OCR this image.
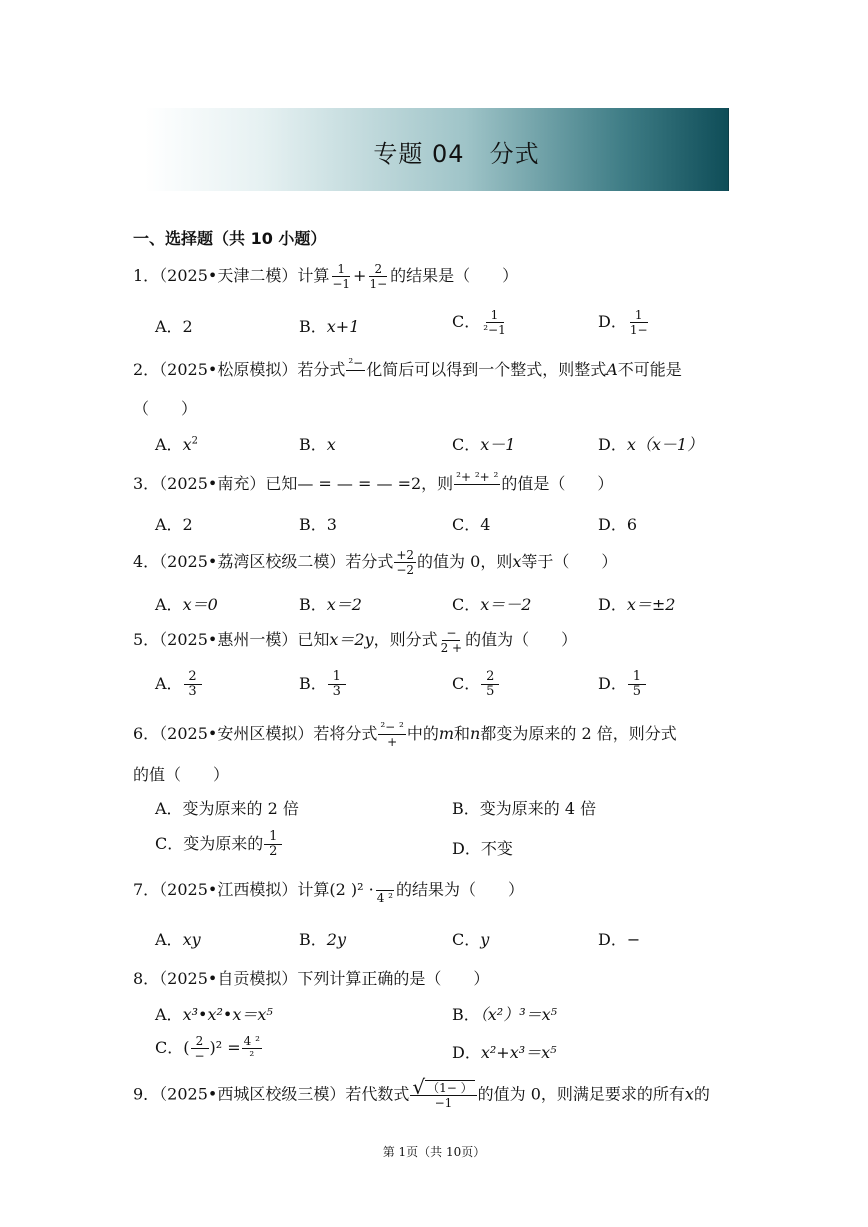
专题 04　分式
一、选择题（共 10 小题）
1．（2025•天津二模）计算 $\frac{1}{-1} + \frac{2}{1-}$ 的结果是（　　）
A．2	B．x+1	C． $\frac{1}{\text{²−1}}$	D． $\frac{1}{1-}$
2．（2025•松原模拟）若分式 ²−
化简后可以得到一个整式，则整式A不可能是
（　　）
A．$x^2$	B．x	C．x－1	D．x（x－1）
3．（2025•南充）已知— = — = — =2，则 ²+ ²+ ²
的值是（　　）
A．2	B．3	C．4	D．6
4．（2025•荔湾区校级二模）若分式 $\frac{+2}{-2}$ 的值为 0，则x等于（　　）
A．x＝0	B．x＝2	C．x＝－2	D．x＝±2
5．（2025•惠州一模）已知x＝2y，则分式 $\frac{-}{2 +}$ 的值为（　　）
A． $\frac{2}{3}$	B． $\frac{1}{3}$	C． $\frac{2}{5}$	D． $\frac{1}{5}$
6．（2025•安州区模拟）若将分式 $\frac{\text{²− ²}}{+}$ 中的m和n都变为原来的 2 倍，则分式
的值（　　）
A．变为原来的 2 倍	B．变为原来的 4 倍
C．变为原来的 $\frac{1}{2}$	D．不变
7．（2025•江西模拟）计算(2 )² ·
4 ² 的结果为（　　）
A．xy	B．2y	C．y	D．−
8．（2025•自贡模拟）下列计算正确的是（　　）
A．x³•x²•x＝x⁵	B．（x²）³＝x⁵
C．( $\frac{2}{-} )^2 = \frac{\text{4 ²}}{\text{²}}$	D．x²+x³＝x⁵
9．（2025•西城区校级三模）若代数式 $\frac{√ (1- )}{-1}$ 的值为 0，则满足要求的所有x的
第 1页（共 10页）
